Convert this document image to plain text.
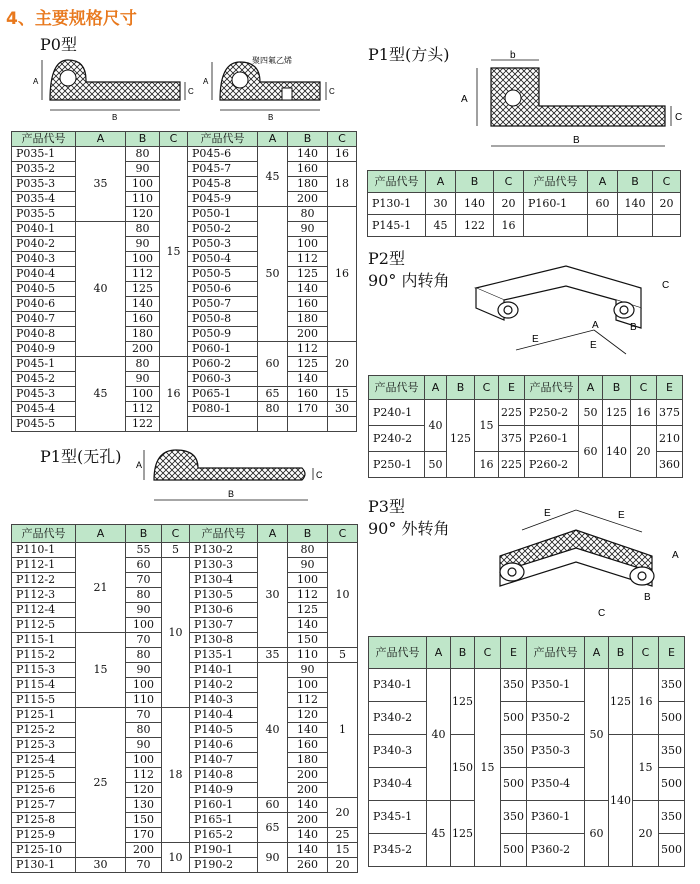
4、主要规格尺寸
P0型
P1型(方头)
P2型
90° 内转角
P1型(无孔)
P3型
90° 外转角
A
B
C
聚四氟乙烯
A
B
C
b
A
B
C
E
E
A	B
C
A
B
C
E	E
A
B
C
产品代号	A	B	C	产品代号	A	B	C
P035-1	35	80	15	P045-6	45	140	16
P035-2		90		P045-7		160	18
P035-3		100		P045-8		180	
P035-4		110		P045-9		200	
P035-5		120		P050-1	50	80	16
P040-1	40	80		P050-2		90	
P040-2		90		P050-3		100	
P040-3		100		P050-4		112	
P040-4		112		P050-5		125	
P040-5		125		P050-6		140	
P040-6		140		P050-7		160	
P040-7		160		P050-8		180	
P040-8		180		P050-9		200	
P040-9		200		P060-1	60	112	20
P045-1	45	80	16	P060-2		125	
P045-2		90		P060-3		140	
P045-3		100		P065-1	65	160	15
P045-4		112		P080-1	80	170	30
P045-5		122					
产品代号	A	B	C	产品代号	A	B	C
P130-1	30	140	20	P160-1	60	140	20
P145-1	45	122	16				
产品代号	A	B	C	E	产品代号	A	B	C	E
P240-1	40	125	15	225	P250-2	50	125	16	375
P240-2				375	P260-1	60	140	20	210
P250-1	50		16	225	P260-2				360
产品代号	A	B	C	产品代号	A	B	C
P110-1	21	55	5	P130-2	30	80	10
P112-1		60	10	P130-3		90	
P112-2		70		P130-4		100	
P112-3		80		P130-5		112	
P112-4		90		P130-6		125	
P112-5		100		P130-7		140	
P115-1	15	70		P130-8		150	
P115-2		80		P135-1	35	110	5
P115-3		90		P140-1	40	90	1
P115-4		100		P140-2		100	
P115-5		110		P140-3		112	
P125-1	25	70	18	P140-4		120	
P125-2		80		P140-5		140	
P125-3		90		P140-6		160	
P125-4		100		P140-7		180	
P125-5		112		P140-8		200	
P125-6		120		P140-9		200	
P125-7		130		P160-1	60	140	20
P125-8		150		P165-1	65	200	
P125-9		170		P165-2		140	25
P125-10		200	10	P190-1	90	140	15
P130-1	30	70		P190-2		260	20
产品代号	A	B	C	E	产品代号	A	B	C	E
P340-1	40	125	15	350	P350-1	50	125	16	350
P340-2				500	P350-2				500
P340-3		150		350	P350-3		140	15	350
P340-4				500	P350-4				500
P345-1	45	125		350	P360-1	60		20	350
P345-2				500	P360-2				500
